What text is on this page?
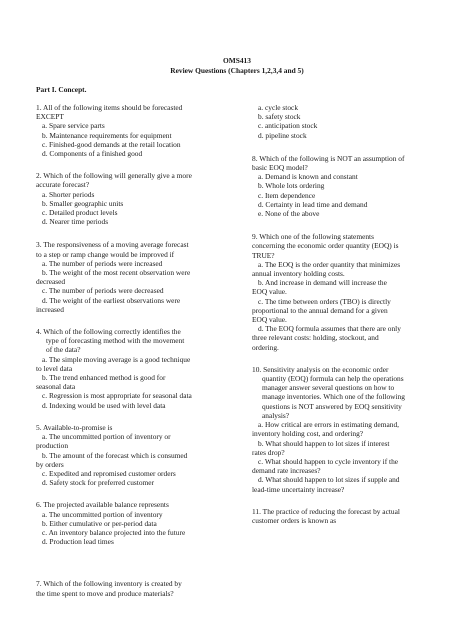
OMS413
Review Questions (Chapters 1,2,3,4 and 5)
Part I. Concept.
1. All of the following items should be forecasted
EXCEPT
a. Spare service parts
b. Maintenance requirements for equipment
c. Finished-good demands at the retail location
d. Components of a finished good
2. Which of the following will generally give a more
accurate forecast?
a. Shorter periods
b. Smaller geographic units
c. Detailed product levels
d. Nearer time periods
3. The responsiveness of a moving average forecast
to a step or ramp change would be improved if
a. The number of periods were increased
b. The weight of the most recent observation were
decreased
c. The number of periods were decreased
d. The weight of the earliest observations were
increased
4. Which of the following correctly identifies the
type of forecasting method with the movement
of the data?
a. The simple moving average is a good technique
to level data
b. The trend enhanced method is good for
seasonal data
c. Regression is most appropriate for seasonal data
d. Indexing would be used with level data
5. Available-to-promise is
a. The uncommitted portion of inventory or
production
b. The amount of the forecast which is consumed
by orders
c. Expedited and repromised customer orders
d. Safety stock for preferred customer
6. The projected available balance represents
a. The uncommitted portion of inventory
b. Either cumulative or per-period data
c. An inventory balance projected into the future
d. Production lead times
7. Which of the following inventory is created by
the time spent to move and produce materials?
a. cycle stock
b. safety stock
c. anticipation stock
d. pipeline stock
8. Which of the following is NOT an assumption of
basic EOQ model?
a. Demand is known and constant
b. Whole lots ordering
c. Item dependence
d. Certainty in lead time and demand
e. None of the above
9. Which one of the following statements
concerning the economic order quantity (EOQ) is
TRUE?
a. The EOQ is the order quantity that minimizes
annual inventory holding costs.
b. And increase in demand will increase the
EOQ value.
c. The time between orders (TBO) is directly
proportional to the annual demand for a given
EOQ value.
d. The EOQ formula assumes that there are only
three relevant costs: holding, stockout, and
ordering.
10. Sensitivity analysis on the economic order
quantity (EOQ) formula can help the operations
manager answer several questions on how to
manage inventories. Which one of the following
questions is NOT answered by EOQ sensitivity
analysis?
a. How critical are errors in estimating demand,
inventory holding cost, and ordering?
b. What should happen to lot sizes if interest
rates drop?
c. What should happen to cycle inventory if the
demand rate increases?
d. What should happen to lot sizes if supple and
lead-time uncertainty increase?
11. The practice of reducing the forecast by actual
customer orders is known as
